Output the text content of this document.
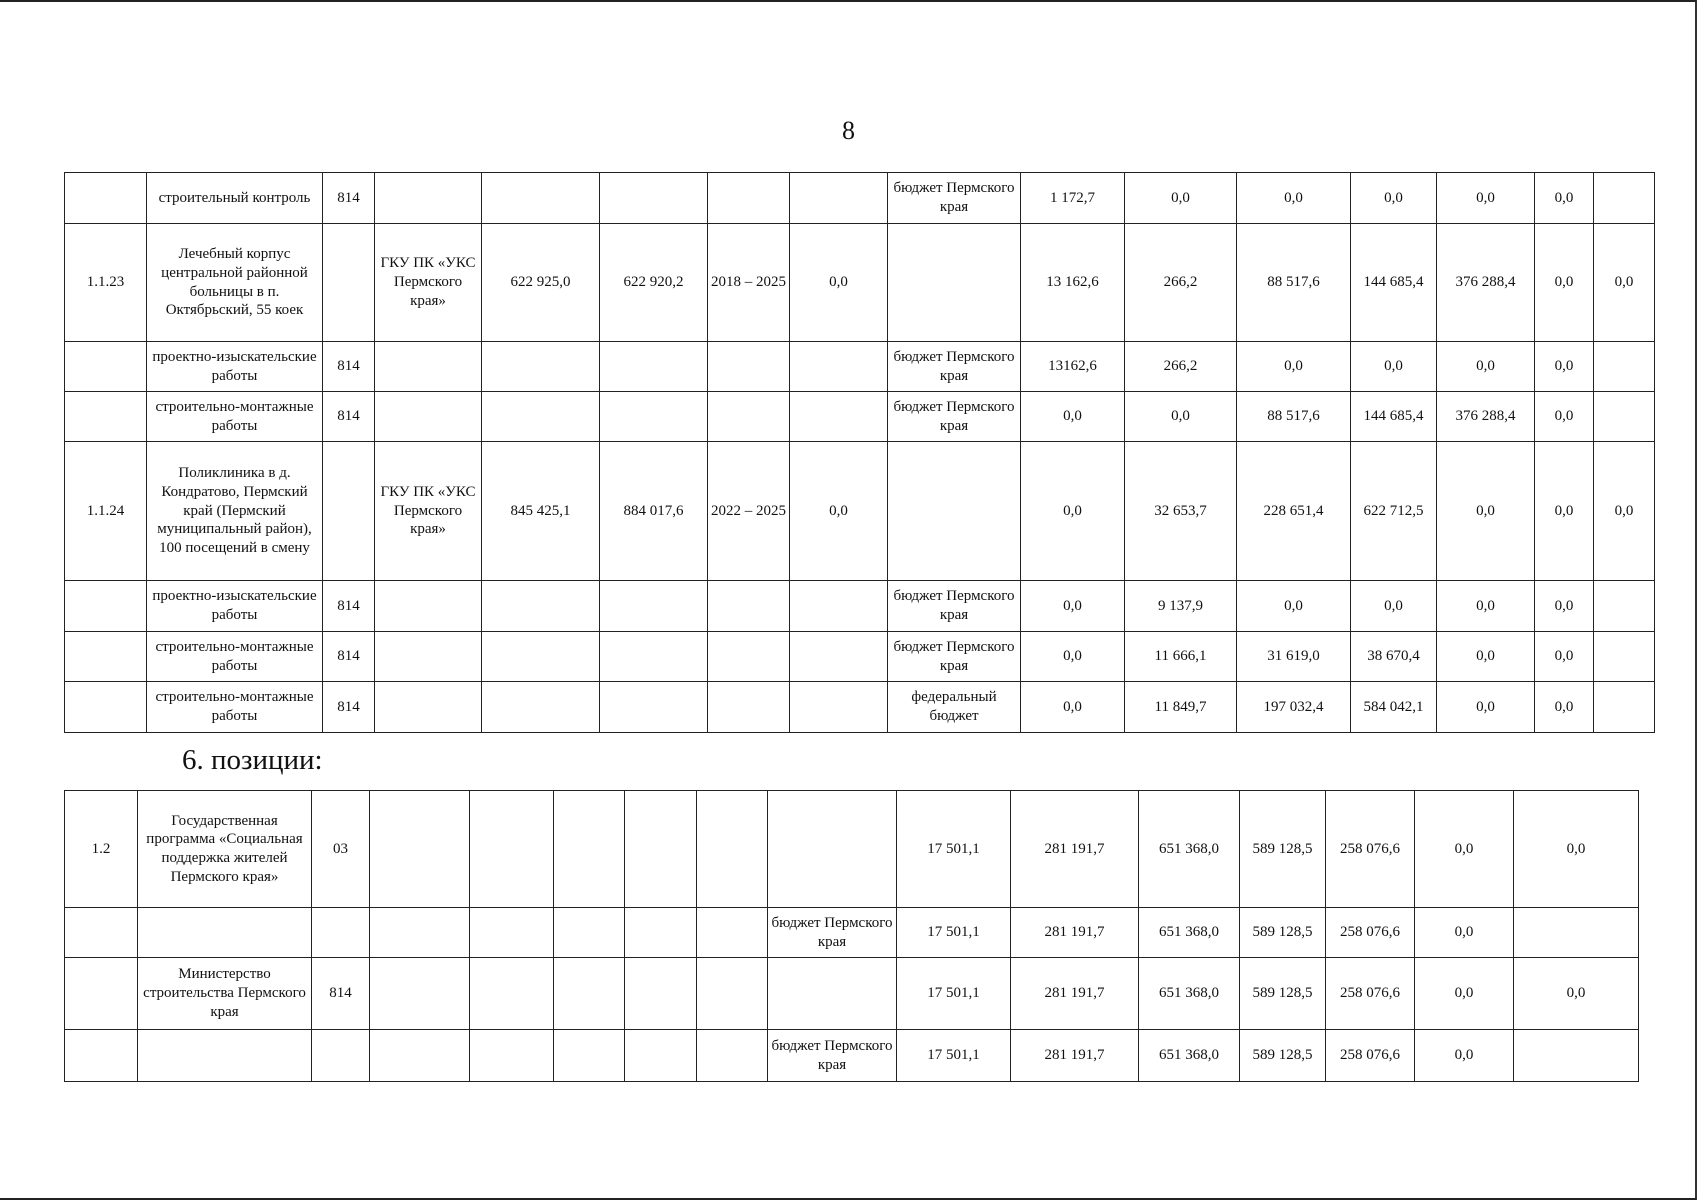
8
	строительный контроль	814						бюджет Пермского края	1 172,7	0,0	0,0	0,0	0,0	0,0	
1.1.23	Лечебный корпус центральной районной больницы в п. Октябрьский, 55 коек		ГКУ ПК «УКС Пермского края»	622 925,0	622 920,2	2018 – 2025	0,0		13 162,6	266,2	88 517,6	144 685,4	376 288,4	0,0	0,0
	проектно-изыскательские работы	814						бюджет Пермского края	13162,6	266,2	0,0	0,0	0,0	0,0	
	строительно-монтажные работы	814						бюджет Пермского края	0,0	0,0	88 517,6	144 685,4	376 288,4	0,0	
1.1.24	Поликлиника в д. Кондратово, Пермский край (Пермский муниципальный район), 100 посещений в смену		ГКУ ПК «УКС Пермского края»	845 425,1	884 017,6	2022 – 2025	0,0		0,0	32 653,7	228 651,4	622 712,5	0,0	0,0	0,0
	проектно-изыскательские работы	814						бюджет Пермского края	0,0	9 137,9	0,0	0,0	0,0	0,0	
	строительно-монтажные работы	814						бюджет Пермского края	0,0	11 666,1	31 619,0	38 670,4	0,0	0,0	
	строительно-монтажные работы	814						федеральный бюджет	0,0	11 849,7	197 032,4	584 042,1	0,0	0,0	
6. позиции:
1.2	Государственная программа «Социальная поддержка жителей Пермского края»	03							17 501,1	281 191,7	651 368,0	589 128,5	258 076,6	0,0	0,0
								бюджет Пермского края	17 501,1	281 191,7	651 368,0	589 128,5	258 076,6	0,0	
	Министерство строительства Пермского края	814							17 501,1	281 191,7	651 368,0	589 128,5	258 076,6	0,0	0,0
								бюджет Пермского края	17 501,1	281 191,7	651 368,0	589 128,5	258 076,6	0,0	
